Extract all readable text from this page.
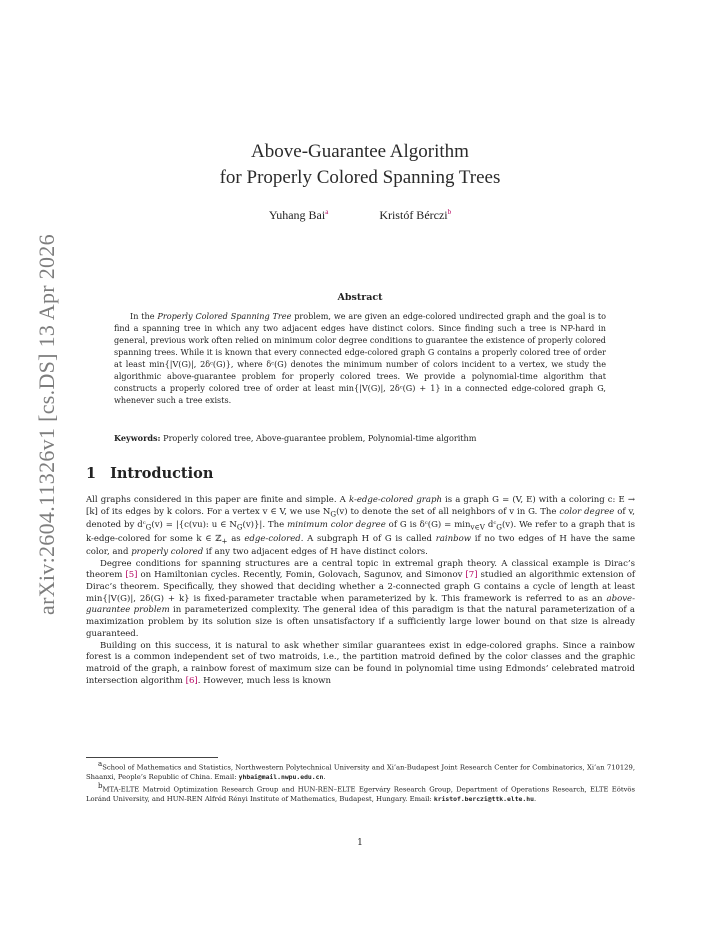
arXiv:2604.11326v1 [cs.DS] 13 Apr 2026
Above-Guarantee Algorithm
for Properly Colored Spanning Trees
Yuhang Bai$^a$	Kristóf Bérczi$^b$
Abstract

In the Properly Colored Spanning Tree problem, we are given an edge-colored undirected graph and the goal is to find a spanning tree in which any two adjacent edges have distinct colors. Since finding such a tree is NP-hard in general, previous work often relied on minimum color degree conditions to guarantee the existence of properly colored spanning trees. While it is known that every connected edge-colored graph G contains a properly colored tree of order at least min{|V(G)|, 2δᶜ(G)}, where δᶜ(G) denotes the minimum number of colors incident to a vertex, we study the algorithmic above-guarantee problem for properly colored trees. We provide a polynomial-time algorithm that constructs a properly colored tree of order at least min{|V(G)|, 2δᶜ(G) + 1} in a connected edge-colored graph G, whenever such a tree exists.

Keywords: Properly colored tree, Above-guarantee problem, Polynomial-time algorithm
1 Introduction

All graphs considered in this paper are finite and simple. A k-edge-colored graph is a graph G = (V, E) with a coloring c: E → [k] of its edges by k colors. For a vertex v ∈ V, we use $N_G(v)$ to denote the set of all neighbors of v in G. The color degree of v, denoted by dᶜ$_G$(v) = |{c(vu): u ∈ $N_G(v)\}|$. The minimum color degree of G is δᶜ(G) = $\min_{v\in V}$ dᶜ$_G$(v). We refer to a graph that is k-edge-colored for some k ∈ ℤ$_+$ as edge-colored. A subgraph H of G is called rainbow if no two edges of H have the same color, and properly colored if any two adjacent edges of H have distinct colors.

Degree conditions for spanning structures are a central topic in extremal graph theory. A classical example is Dirac’s theorem [5] on Hamiltonian cycles. Recently, Fomin, Golovach, Sagunov, and Simonov [7] studied an algorithmic extension of Dirac’s theorem. Specifically, they showed that deciding whether a 2-connected graph G contains a cycle of length at least min{|V(G)|, 2δ(G) + k} is fixed-parameter tractable when parameterized by k. This framework is referred to as an above-guarantee problem in parameterized complexity. The general idea of this paradigm is that the natural parameterization of a maximization problem by its solution size is often unsatisfactory if a sufficiently large lower bound on that size is already guaranteed.

Building on this success, it is natural to ask whether similar guarantees exist in edge-colored graphs. Since a rainbow forest is a common independent set of two matroids, i.e., the partition matroid defined by the color classes and the graphic matroid of the graph, a rainbow forest of maximum size can be found in polynomial time using Edmonds’ celebrated matroid intersection algorithm [6]. However, much less is known

$^a$School of Mathematics and Statistics, Northwestern Polytechnical University and Xi’an-Budapest Joint Research Center for Combinatorics, Xi’an 710129, Shaanxi, People’s Republic of China. Email: yhbai@mail.nwpu.edu.cn.

$^b$MTA-ELTE Matroid Optimization Research Group and HUN-REN–ELTE Egerváry Research Group, Department of Operations Research, ELTE Eötvös Loránd University, and HUN-REN Alfréd Rényi Institute of Mathematics, Budapest, Hungary. Email: kristof.berczi@ttk.elte.hu.

1
